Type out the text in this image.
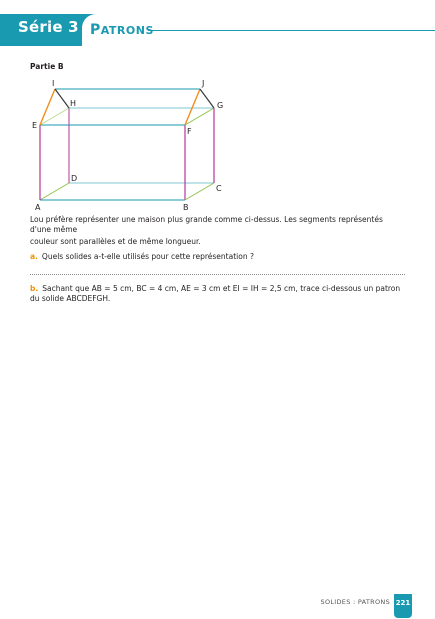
Série 3 PATRONS
Partie B
I	J
H	G
E
F
D
C
A	B
Lou préfère représenter une maison plus grande comme ci-dessus. Les segments représentés d'une même
couleur sont parallèles et de même longueur.
a. Quels solides a-t-elle utilisés pour cette représentation ?
b. Sachant que AB = 5 cm, BC = 4 cm, AE = 3 cm et EI = IH = 2,5 cm, trace ci-dessous un patron du solide ABCDEFGH.
SOLIDES : PATRONS 221
